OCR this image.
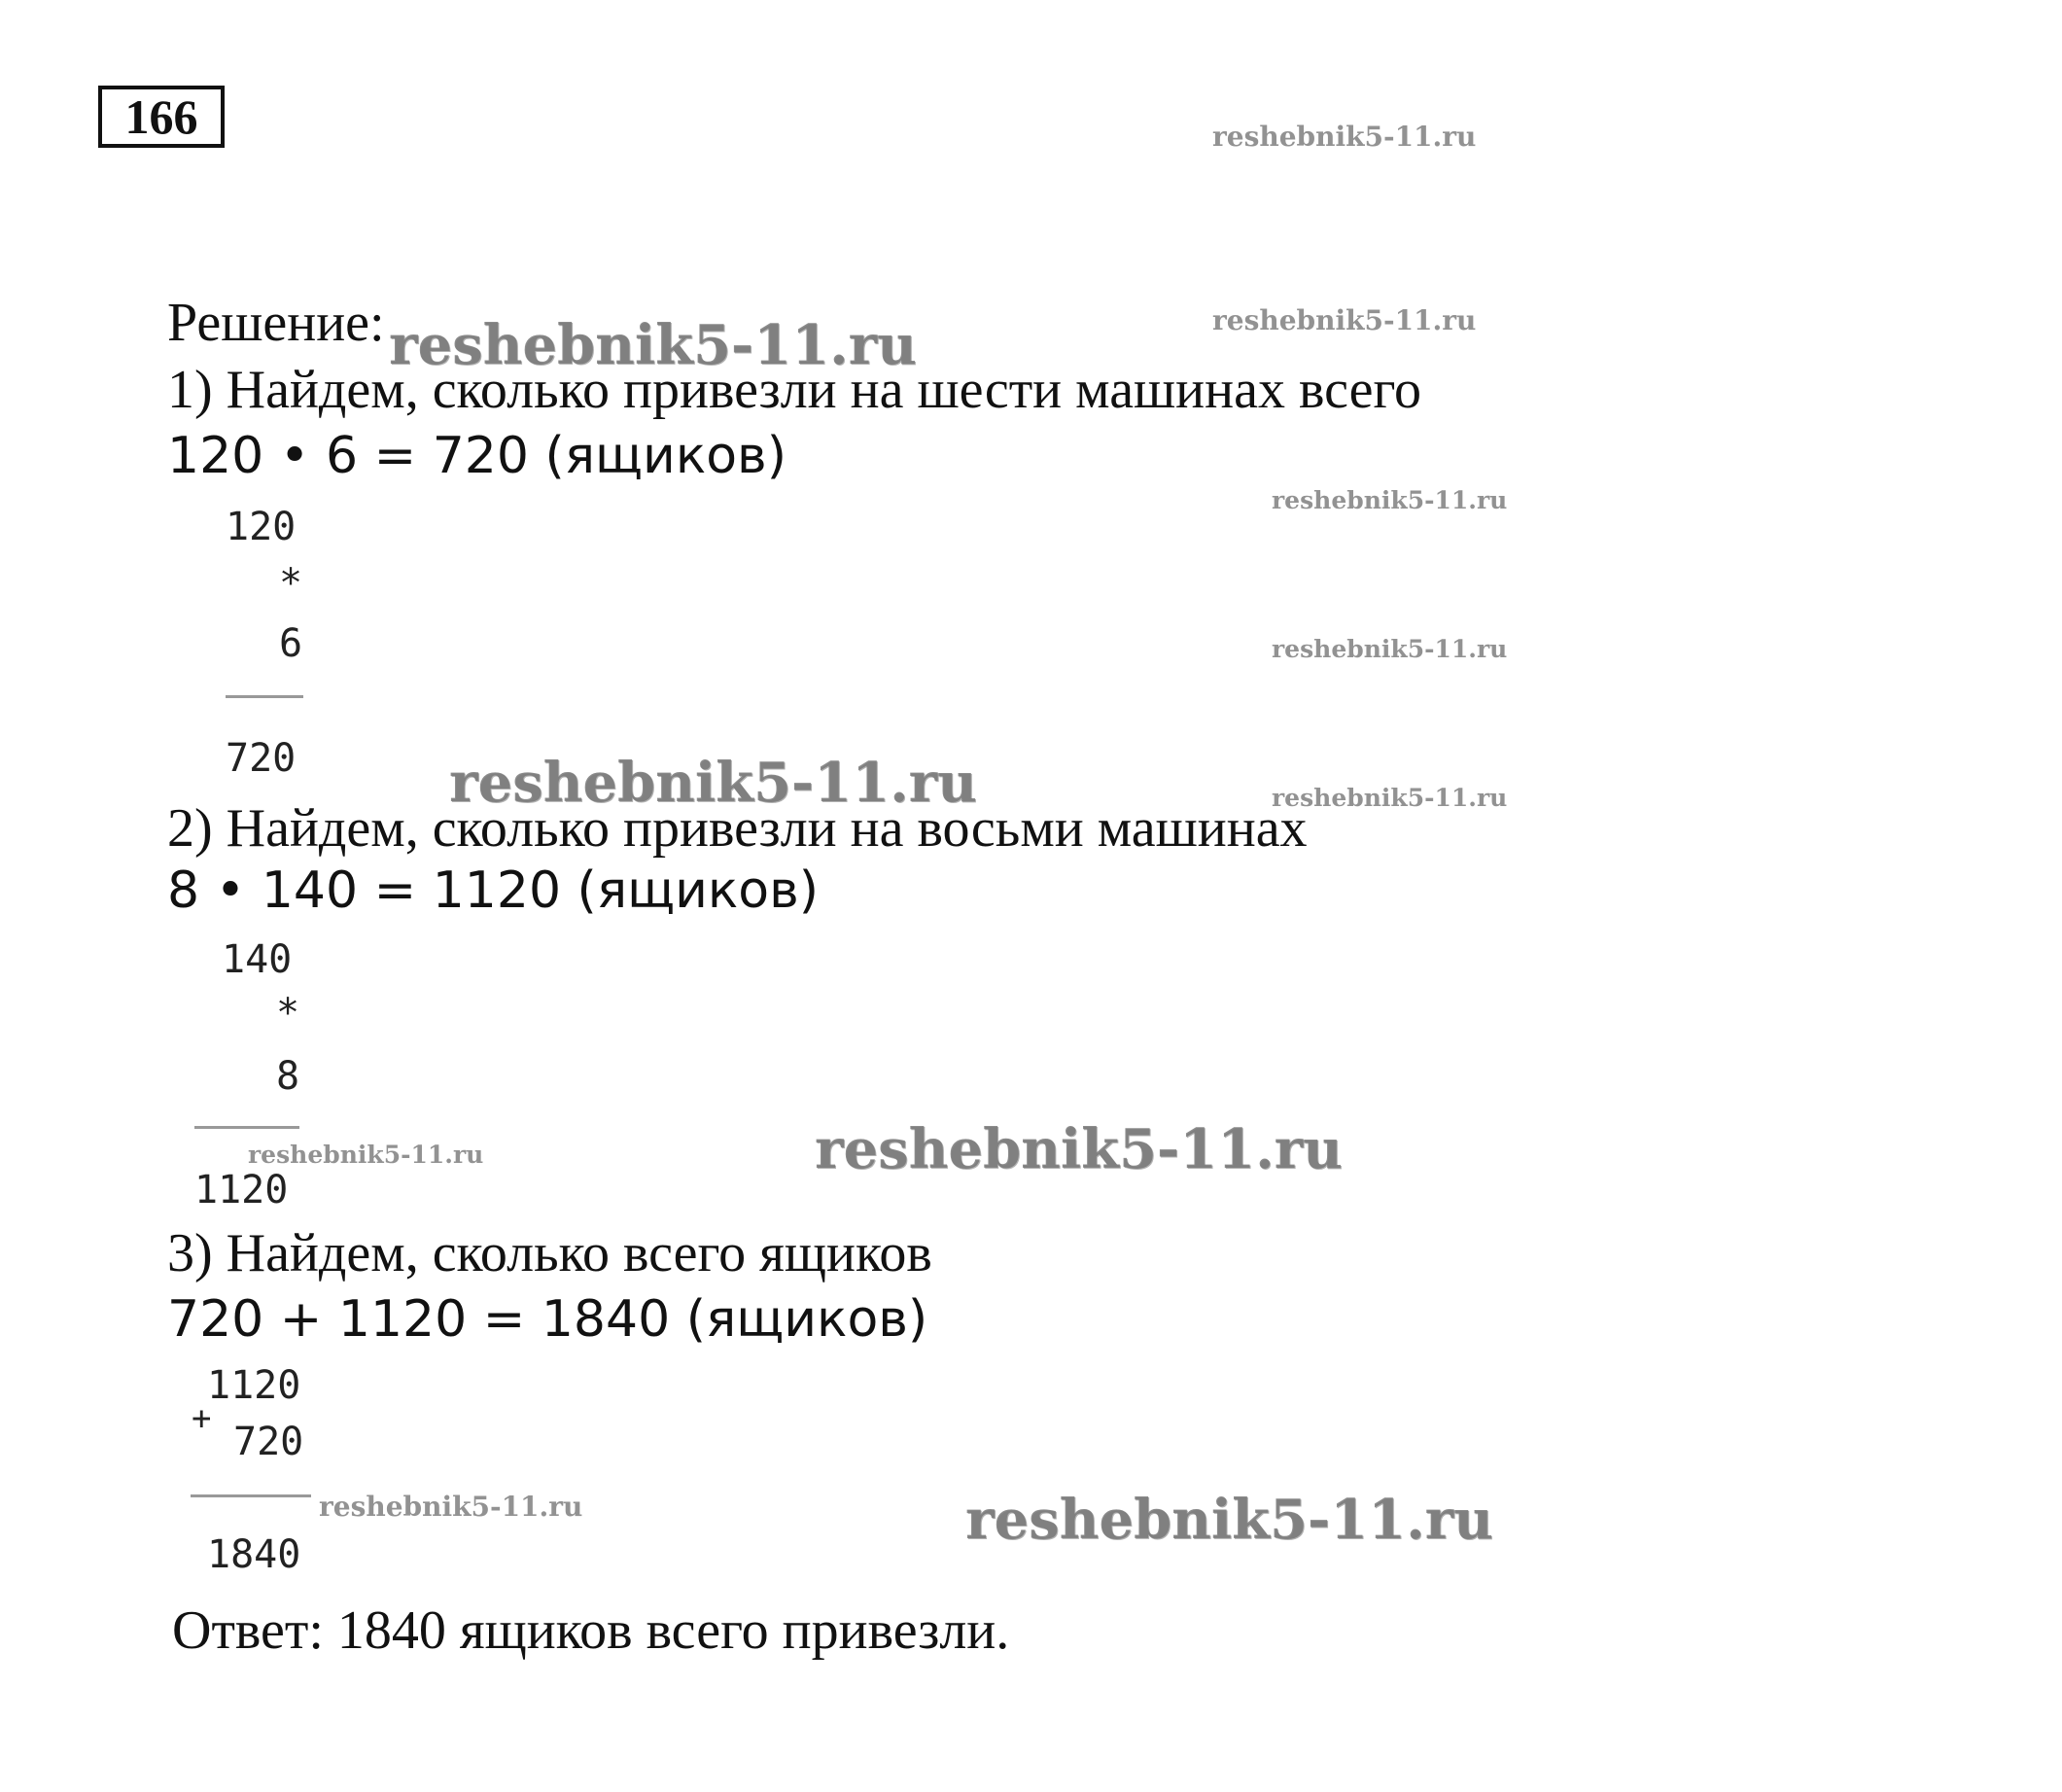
166	reshebnik5-11.ru
reshebnik5-11.ru
reshebnik5-11.ru
reshebnik5-11.ru
reshebnik5-11.ru
reshebnik5-11.ru	reshebnik5-11.ru
reshebnik5-11.ru	reshebnik5-11.ru
reshebnik5-11.ru	reshebnik5-11.ru
Решение:
1) Найдем, сколько привезли на шести машинах всего
120 • 6 = 720 (ящиков)
120
*
6
720
2) Найдем, сколько привезли на восьми машинах
8 • 140 = 1120 (ящиков)
140
*
8
1120
3) Найдем, сколько всего ящиков
720 + 1120 = 1840 (ящиков)
1120
+
720
1840
Ответ: 1840 ящиков всего привезли.
